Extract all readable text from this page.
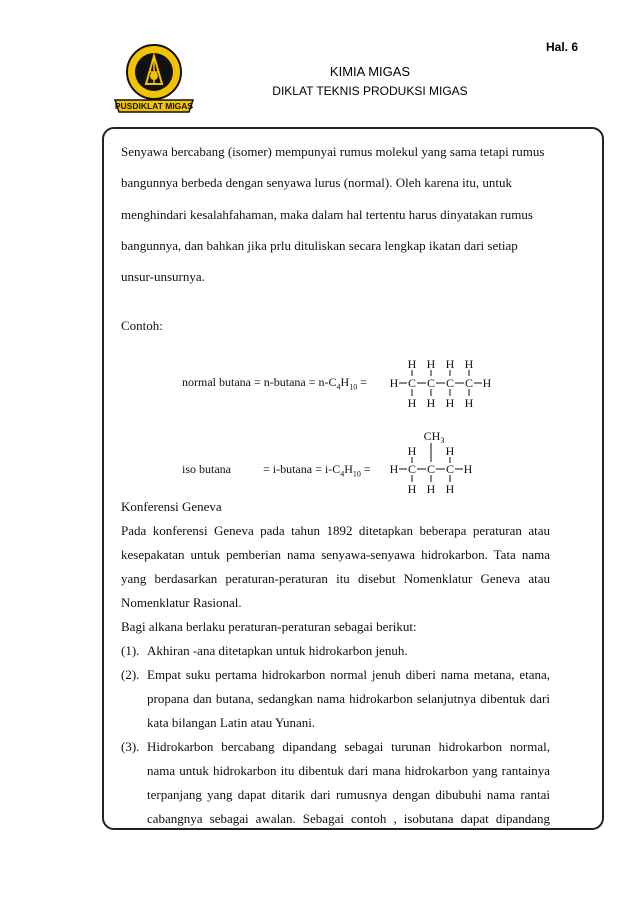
Hal. 6
PUSDIKLAT MIGAS
KIMIA MIGAS
DIKLAT TEKNIS PRODUKSI MIGAS
Senyawa bercabang (isomer) mempunyai rumus molekul yang sama tetapi rumus
bangunnya berbeda dengan senyawa lurus (normal). Oleh karena itu, untuk
menghindari kesalahfahaman, maka dalam hal tertentu harus dinyatakan rumus
bangunnya, dan bahkan jika prlu dituliskan secara lengkap ikatan dari setiap
unsur-unsurnya.
Contoh:
normal $butana = n-butana = n-C_4H_{10}$ =
H H H H
H C C C C H
H H H H
iso butana	= $i-butana = i-C_4H_{10}$ =
$CH_3$
H H
H C C C H
H H H
Konferensi Geneva
Pada konferensi Geneva pada tahun 1892 ditetapkan beberapa peraturan atau
kesepakatan untuk pemberian nama senyawa-senyawa hidrokarbon. Tata nama
yang berdasarkan peraturan-peraturan itu disebut Nomenklatur Geneva atau
Nomenklatur Rasional.
Bagi alkana berlaku peraturan-peraturan sebagai berikut:
(1). Akhiran -ana ditetapkan untuk hidrokarbon jenuh.
(2). Empat suku pertama hidrokarbon normal jenuh diberi nama metana, etana,
propana dan butana, sedangkan nama hidrokarbon selanjutnya dibentuk dari
kata bilangan Latin atau Yunani.
(3). Hidrokarbon bercabang dipandang sebagai turunan hidrokarbon normal,
nama untuk hidrokarbon itu dibentuk dari mana hidrokarbon yang rantainya
terpanjang yang dapat ditarik dari rumusnya dengan dibubuhi nama rantai
cabangnya sebagai awalan. Sebagai contoh , isobutana dapat dipandang
